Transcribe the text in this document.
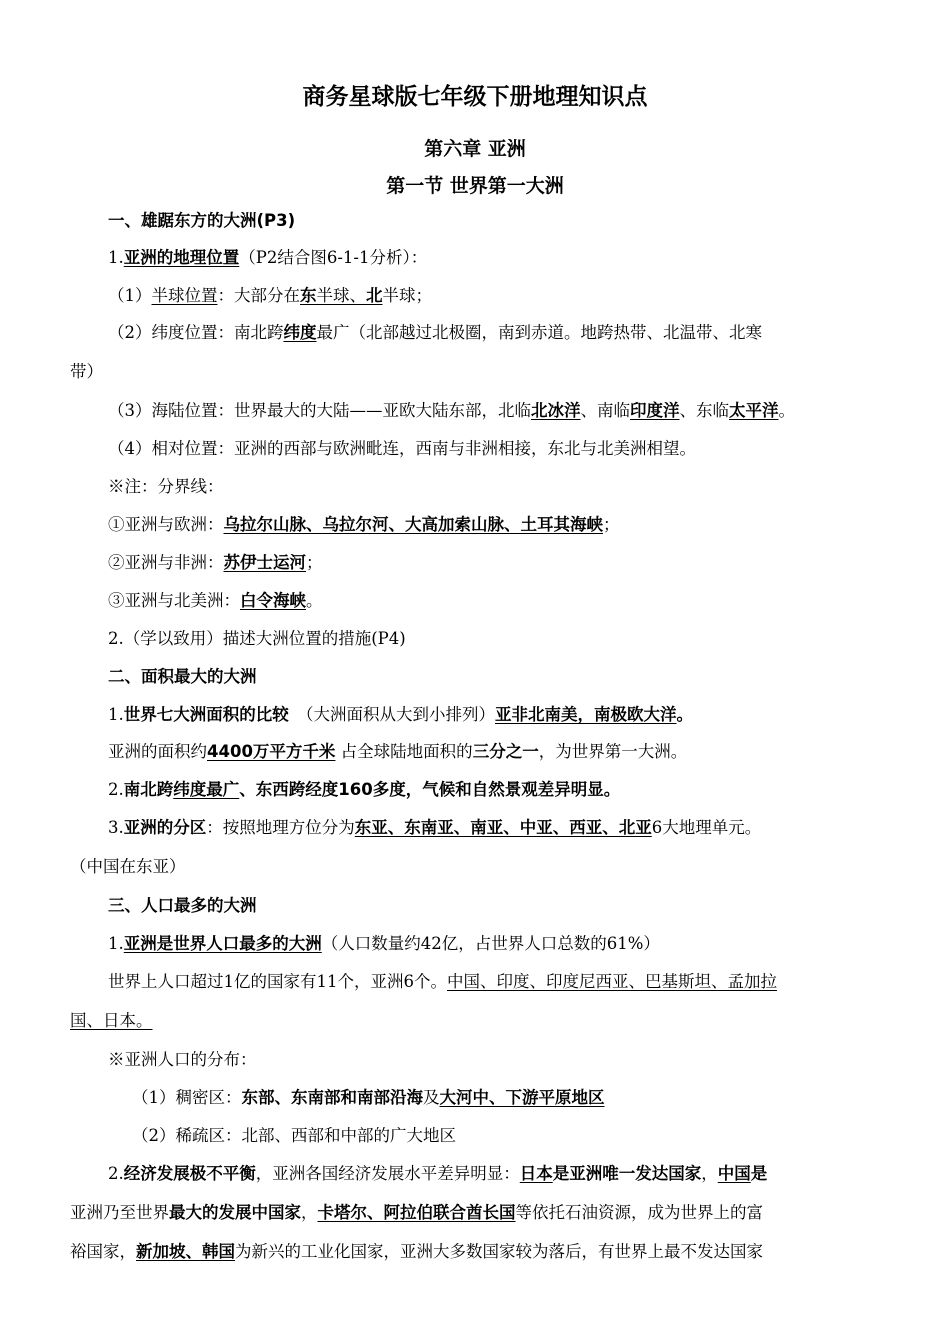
商务星球版七年级下册地理知识点
第六章 亚洲
第一节 世界第一大洲
一、雄踞东方的大洲(P3)
1.亚洲的地理位置（P2结合图6-1-1分析）：
（1）半球位置：大部分在东半球、北半球；
（2）纬度位置：南北跨纬度最广（北部越过北极圈，南到赤道。地跨热带、北温带、北寒
带）
（3）海陆位置：世界最大的大陆——亚欧大陆东部，北临北冰洋、南临印度洋、东临太平洋。
（4）相对位置：亚洲的西部与欧洲毗连，西南与非洲相接，东北与北美洲相望。
※注：分界线：
①亚洲与欧洲：乌拉尔山脉、乌拉尔河、大高加索山脉、土耳其海峡；
②亚洲与非洲：苏伊士运河；
③亚洲与北美洲：白令海峡。
2.（学以致用）描述大洲位置的措施(P4)
二、面积最大的大洲
1.世界七大洲面积的比较　（大洲面积从大到小排列）亚非北南美，南极欧大洋。
亚洲的面积约4400万平方千米 占全球陆地面积的三分之一，为世界第一大洲。
2.南北跨纬度最广、东西跨经度160多度，气候和自然景观差异明显。
3.亚洲的分区：按照地理方位分为东亚、东南亚、南亚、中亚、西亚、北亚6大地理单元。
（中国在东亚）
三、人口最多的大洲
1.亚洲是世界人口最多的大洲（人口数量约42亿，占世界人口总数的61%）
世界上人口超过1亿的国家有11个，亚洲6个。中国、印度、印度尼西亚、巴基斯坦、孟加拉
国、日本。
※亚洲人口的分布：
（1）稠密区：东部、东南部和南部沿海及大河中、下游平原地区
（2）稀疏区：北部、西部和中部的广大地区
2.经济发展极不平衡，亚洲各国经济发展水平差异明显：日本是亚洲唯一发达国家，中国是
亚洲乃至世界最大的发展中国家，卡塔尔、阿拉伯联合酋长国等依托石油资源，成为世界上的富
裕国家，新加坡、韩国为新兴的工业化国家，亚洲大多数国家较为落后，有世界上最不发达国家
